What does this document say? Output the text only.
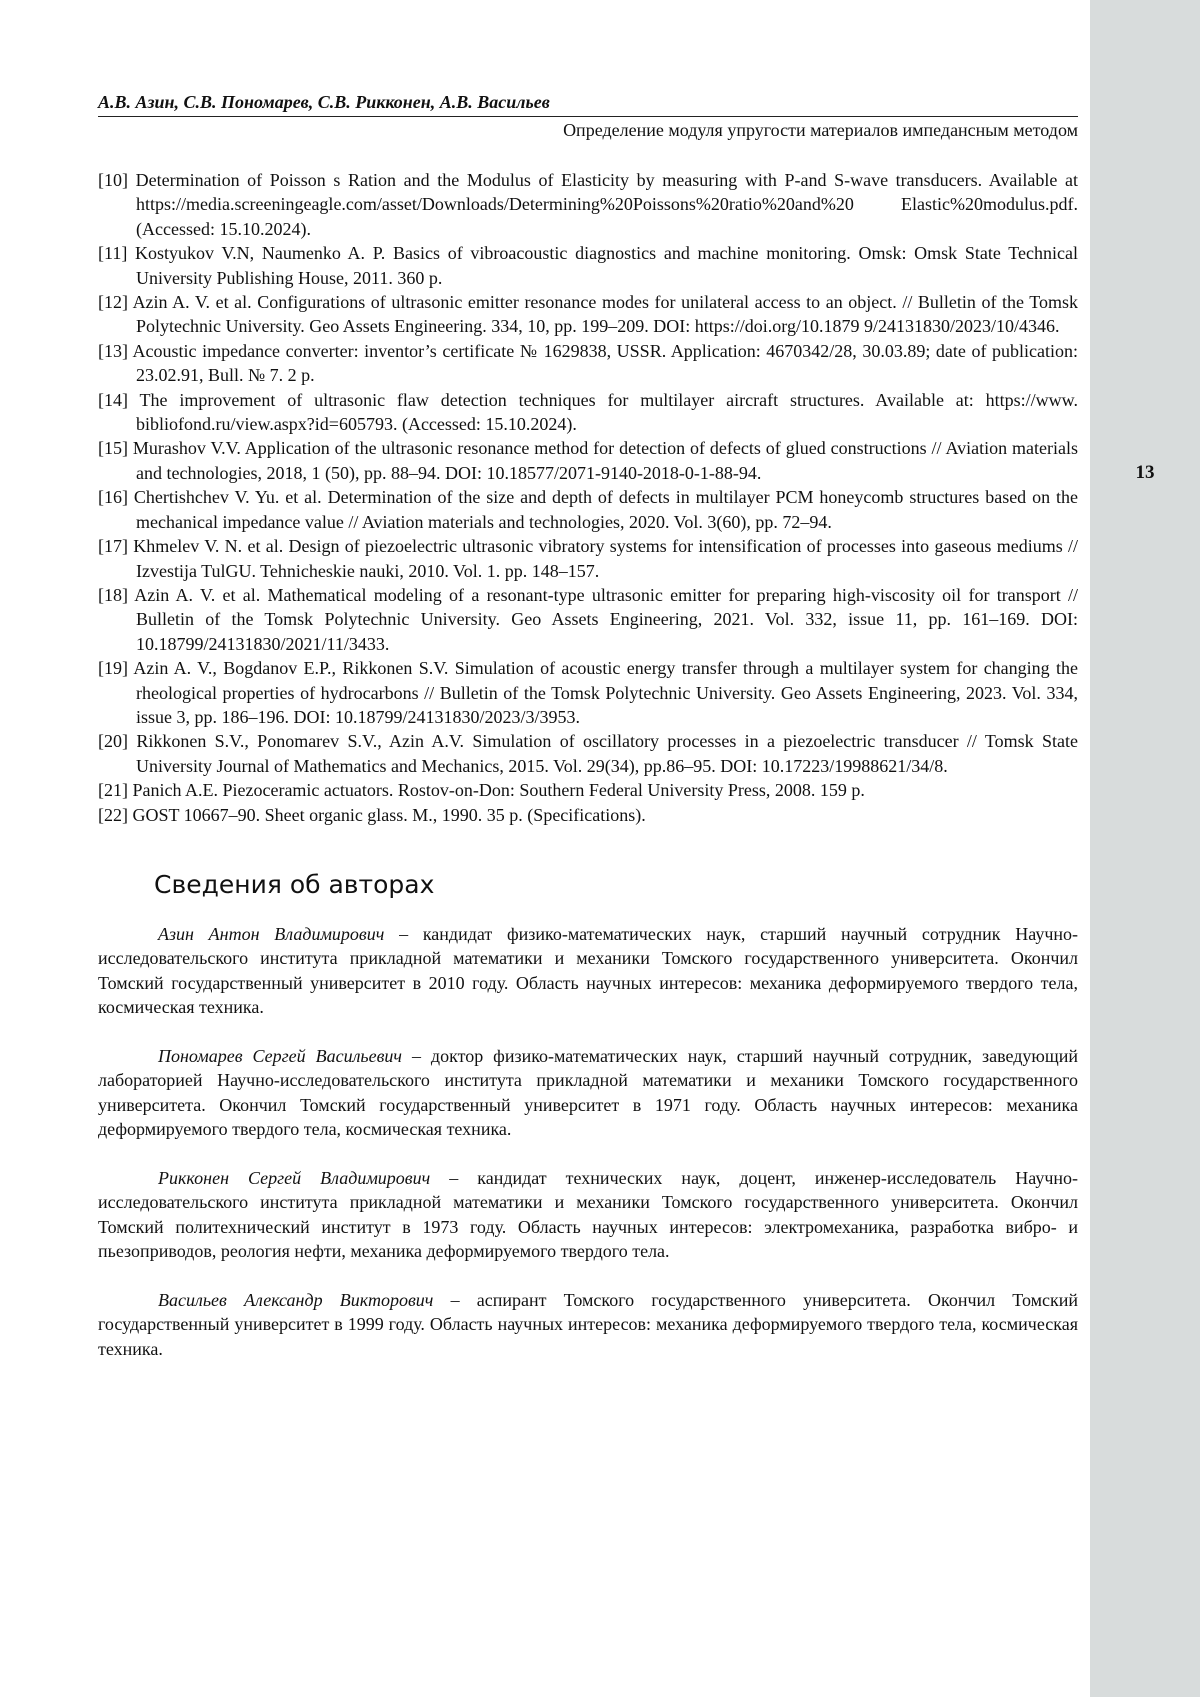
13
А.В. Азин, С.В. Пономарев, С.В. Рикконен, А.В. Васильев
Определение модуля упругости материалов импедансным методом
[10] Determination of Poisson s Ration and the Modulus of Elasticity by measuring with P-and S-wave transducers. Available at https://media.screeningeagle.com/asset/Downloads/Determining%20Poissons%20ratio%20and%20 Elastic%20modulus.pdf. (Accessed: 15.10.2024).
[11] Kostyukov V.N, Naumenko A. P. Basics of vibroacoustic diagnostics and machine monitoring. Omsk: Omsk State Technical University Publishing House, 2011. 360 p.
[12] Azin A. V. et al. Configurations of ultrasonic emitter resonance modes for unilateral access to an object. // Bulletin of the Tomsk Polytechnic University. Geo Assets Engineering. 334, 10, pp. 199–209. DOI: https://doi.org/10.1879 9/24131830/2023/10/4346.
[13] Acoustic impedance converter: inventor’s certificate № 1629838, USSR. Application: 4670342/28, 30.03.89; date of publication: 23.02.91, Bull. № 7. 2 p.
[14] The improvement of ultrasonic flaw detection techniques for multilayer aircraft structures. Available at: https://www. bibliofond.ru/view.aspx?id=605793. (Accessed: 15.10.2024).
[15] Murashov V.V. Application of the ultrasonic resonance method for detection of defects of glued constructions // Aviation materials and technologies, 2018, 1 (50), pp. 88–94. DOI: 10.18577/2071-9140-2018-0-1-88-94.
[16] Chertishchev V. Yu. et al. Determination of the size and depth of defects in multilayer PCM honeycomb structures based on the mechanical impedance value // Aviation materials and technologies, 2020. Vol. 3(60), pp. 72–94.
[17] Khmelev V. N. et al. Design of piezoelectric ultrasonic vibratory systems for intensification of processes into gaseous mediums // Izvestija TulGU. Tehnicheskie nauki, 2010. Vol. 1. pp. 148–157.
[18] Azin A. V. et al. Mathematical modeling of a resonant-type ultrasonic emitter for preparing high-viscosity oil for transport // Bulletin of the Tomsk Polytechnic University. Geo Assets Engineering, 2021. Vol. 332, issue 11, pp. 161–169. DOI: 10.18799/24131830/2021/11/3433.
[19] Azin A. V., Bogdanov E.P., Rikkonen S.V. Simulation of acoustic energy transfer through a multilayer system for changing the rheological properties of hydrocarbons // Bulletin of the Tomsk Polytechnic University. Geo Assets Engineering, 2023. Vol. 334, issue 3, pp. 186–196. DOI: 10.18799/24131830/2023/3/3953.
[20] Rikkonen S.V., Ponomarev S.V., Azin A.V. Simulation of oscillatory processes in a piezoelectric transducer // Tomsk State University Journal of Mathematics and Mechanics, 2015. Vol. 29(34), pp.86–95. DOI: 10.17223/19988621/34/8.
[21] Panich A.E. Piezoceramic actuators. Rostov-on-Don: Southern Federal University Press, 2008. 159 p.
[22] GOST 10667–90. Sheet organic glass. M., 1990. 35 p. (Specifications).
Сведения об авторах

Азин Антон Владимирович – кандидат физико-математических наук, старший научный сотрудник Научно-исследовательского института прикладной математики и механики Томского государственного университета. Окончил Томский государственный университет в 2010 году. Область научных интересов: механика деформируемого твердого тела, космическая техника.

Пономарев Сергей Васильевич – доктор физико-математических наук, старший научный сотрудник, заведующий лабораторией Научно-исследовательского института прикладной математики и механики Томского государственного университета. Окончил Томский государственный университет в 1971 году. Область научных интересов: механика деформируемого твердого тела, космическая техника.

Рикконен Сергей Владимирович – кандидат технических наук, доцент, инженер-исследователь Научно-исследовательского института прикладной математики и механики Томского государственного университета. Окончил Томский политехнический институт в 1973 году. Область научных интересов: электромеханика, разработка вибро- и пьезоприводов, реология нефти, механика деформируемого твердого тела.

Васильев Александр Викторович – аспирант Томского государственного университета. Окончил Томский государственный университет в 1999 году. Область научных интересов: механика деформируемого твердого тела, космическая техника.
